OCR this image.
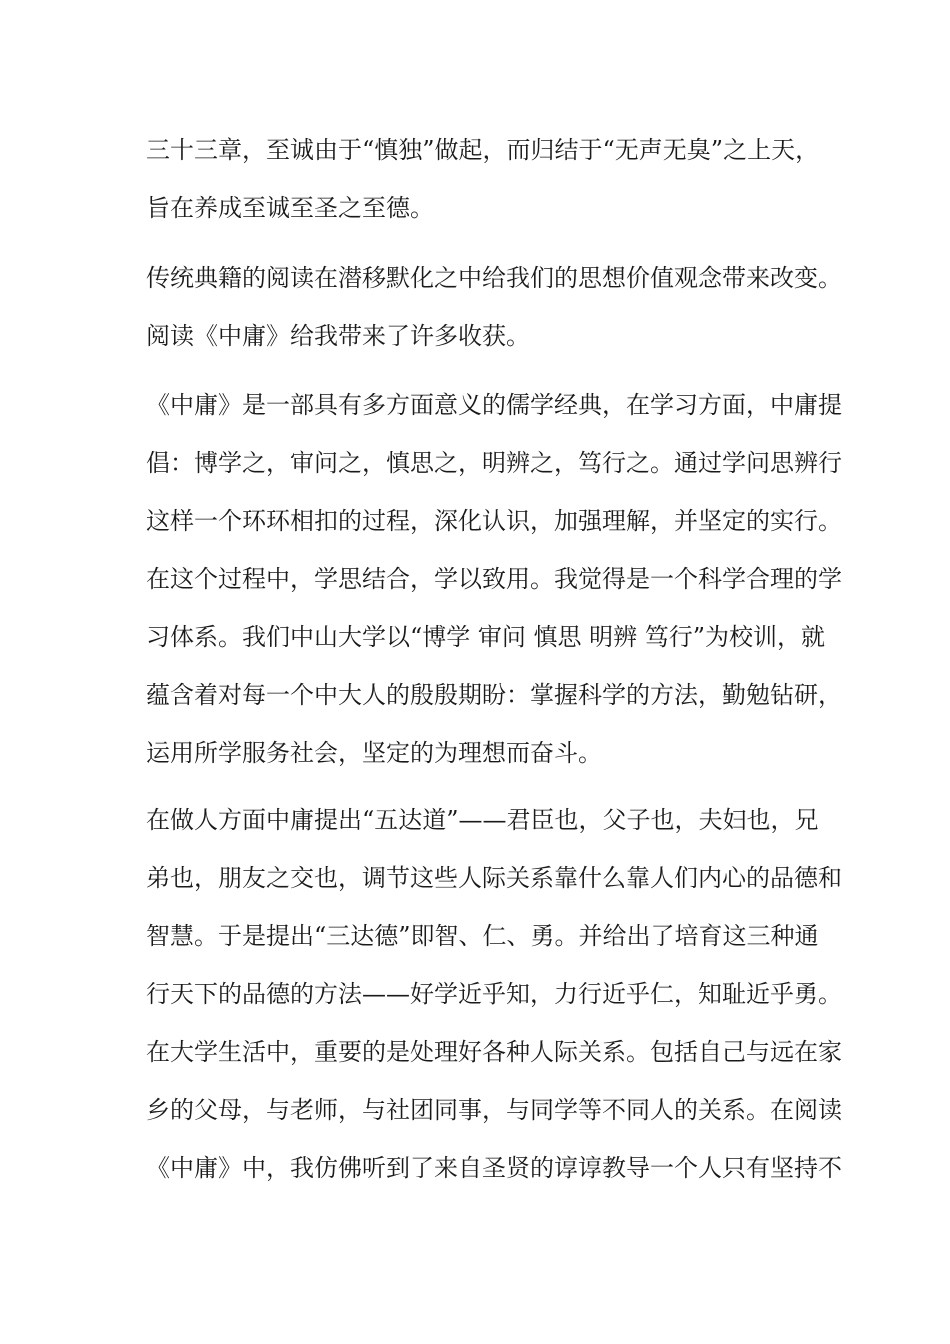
三十三章，至诚由于“慎独”做起，而归结于“无声无臭”之上天，
旨在养成至诚至圣之至德。

传统典籍的阅读在潜移默化之中给我们的思想价值观念带来改变。
阅读《中庸》给我带来了许多收获。

《中庸》是一部具有多方面意义的儒学经典，在学习方面，中庸提
倡：博学之，审问之，慎思之，明辨之，笃行之。通过学问思辨行
这样一个环环相扣的过程，深化认识，加强理解，并坚定的实行。
在这个过程中，学思结合，学以致用。我觉得是一个科学合理的学
习体系。我们中山大学以“博学 审问 慎思 明辨 笃行”为校训，就
蕴含着对每一个中大人的殷殷期盼：掌握科学的方法，勤勉钻研，
运用所学服务社会，坚定的为理想而奋斗。

在做人方面中庸提出“五达道”——君臣也，父子也，夫妇也，兄
弟也，朋友之交也，调节这些人际关系靠什么靠人们内心的品德和
智慧。于是提出“三达德”即智、仁、勇。并给出了培育这三种通
行天下的品德的方法——好学近乎知，力行近乎仁，知耻近乎勇。
在大学生活中，重要的是处理好各种人际关系。包括自己与远在家
乡的父母，与老师，与社团同事，与同学等不同人的关系。在阅读
《中庸》中，我仿佛听到了来自圣贤的谆谆教导一个人只有坚持不
